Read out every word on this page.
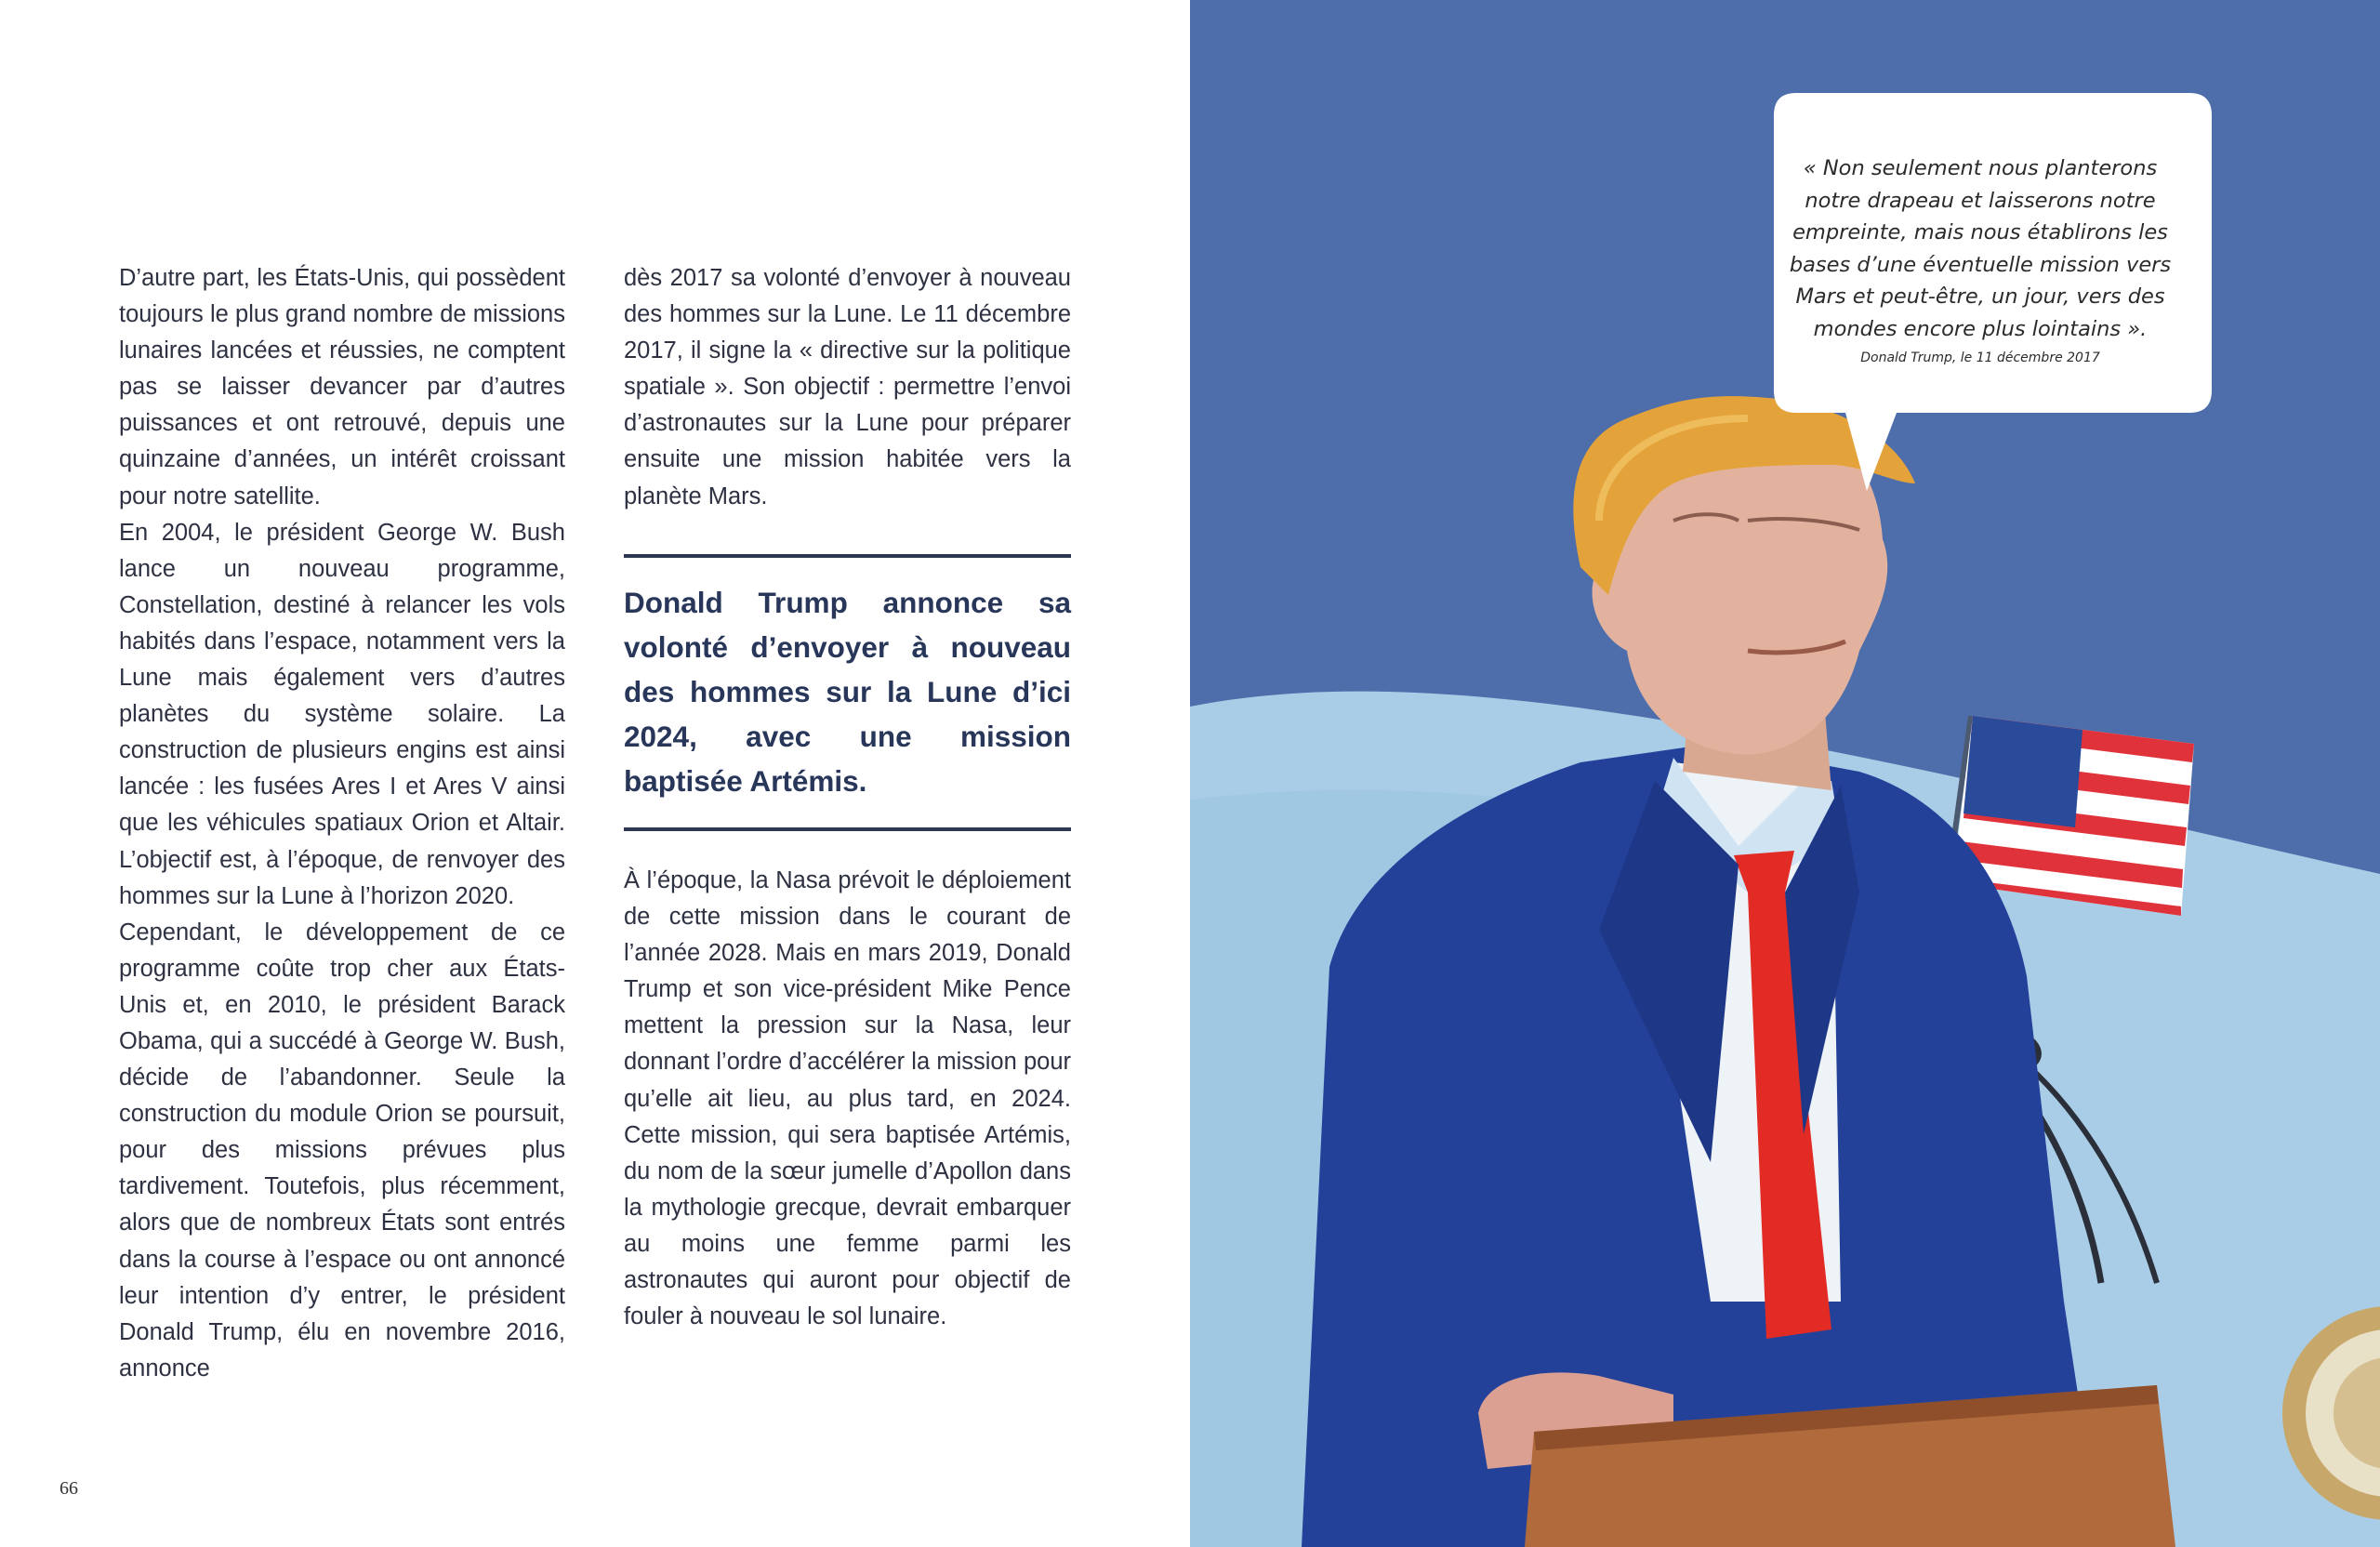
D’autre part, les États-Unis, qui possèdent toujours le plus grand nombre de missions lunaires lancées et réussies, ne comptent pas se laisser devancer par d’autres puissances et ont retrouvé, depuis une quinzaine d’années, un intérêt croissant pour notre satellite.

En 2004, le président George W. Bush lance un nouveau programme, Constellation, destiné à relancer les vols habités dans l’espace, notamment vers la Lune mais également vers d’autres planètes du système solaire. La construction de plusieurs engins est ainsi lancée : les fusées Ares I et Ares V ainsi que les véhicules spatiaux Orion et Altair. L’objectif est, à l’époque, de renvoyer des hommes sur la Lune à l’horizon 2020.

Cependant, le développement de ce programme coûte trop cher aux États-Unis et, en 2010, le président Barack Obama, qui a succédé à George W. Bush, décide de l’abandonner. Seule la construction du module Orion se poursuit, pour des missions prévues plus tardivement. Toutefois, plus récemment, alors que de nombreux États sont entrés dans la course à l’espace ou ont annoncé leur intention d’y entrer, le président Donald Trump, élu en novembre 2016, annonce

dès 2017 sa volonté d’envoyer à nouveau des hommes sur la Lune. Le 11 décembre 2017, il signe la « directive sur la politique spatiale ». Son objectif : permettre l’envoi d’astronautes sur la Lune pour préparer ensuite une mission habitée vers la planète Mars.

Donald Trump annonce sa volonté d’envoyer à nouveau des hommes sur la Lune d’ici 2024, avec une mission baptisée Artémis.

À l’époque, la Nasa prévoit le déploiement de cette mission dans le courant de l’année 2028. Mais en mars 2019, Donald Trump et son vice-président Mike Pence mettent la pression sur la Nasa, leur donnant l’ordre d’accélérer la mission pour qu’elle ait lieu, au plus tard, en 2024. Cette mission, qui sera baptisée Artémis, du nom de la sœur jumelle d’Apollon dans la mythologie grecque, devrait embarquer au moins une femme parmi les astronautes qui auront pour objectif de fouler à nouveau le sol lunaire.

66
« Non seulement nous planterons notre drapeau et laisserons notre empreinte, mais nous établirons les bases d’une éventuelle mission vers Mars et peut-être, un jour, vers des mondes encore plus lointains ».
Donald Trump, le 11 décembre 2017
